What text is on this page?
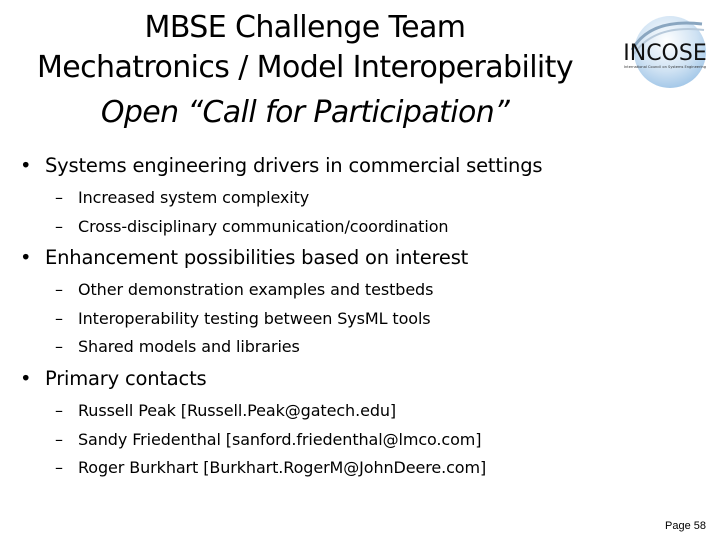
MBSE Challenge Team
Mechatronics / Model Interoperability
Open “Call for Participation”
INCOSE
International Council on Systems Engineering
• Systems engineering drivers in commercial settings
– Increased system complexity
– Cross-disciplinary communication/coordination
• Enhancement possibilities based on interest
– Other demonstration examples and testbeds
– Interoperability testing between SysML tools
– Shared models and libraries
• Primary contacts
– Russell Peak [Russell.Peak@gatech.edu]
– Sandy Friedenthal [sanford.friedenthal@lmco.com]
– Roger Burkhart [Burkhart.RogerM@JohnDeere.com]
Page 58
